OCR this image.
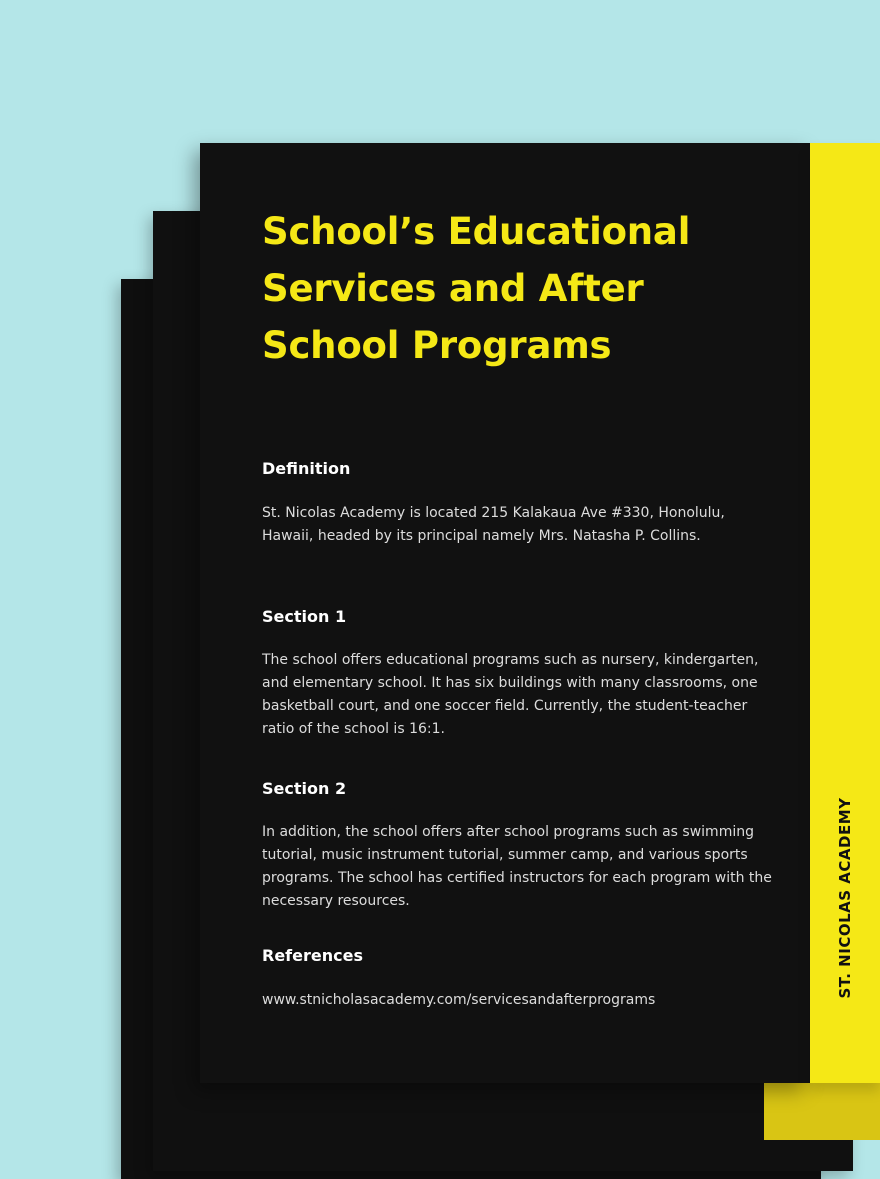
School’s Educational Services and After School Programs
Definition

St. Nicolas Academy is located 215 Kalakaua Ave #330, Honolulu, Hawaii, headed by its principal namely Mrs. Natasha P. Collins.

Section 1

The school offers educational programs such as nursery, kindergarten, and elementary school. It has six buildings with many classrooms, one basketball court, and one soccer field. Currently, the student-teacher ratio of the school is 16:1.

Section 2

In addition, the school offers after school programs such as swimming tutorial, music instrument tutorial, summer camp, and various sports programs. The school has certified instructors for each program with the necessary resources.

References

www.stnicholasacademy.com/servicesandafterprograms

ST. NICOLAS ACADEMY
